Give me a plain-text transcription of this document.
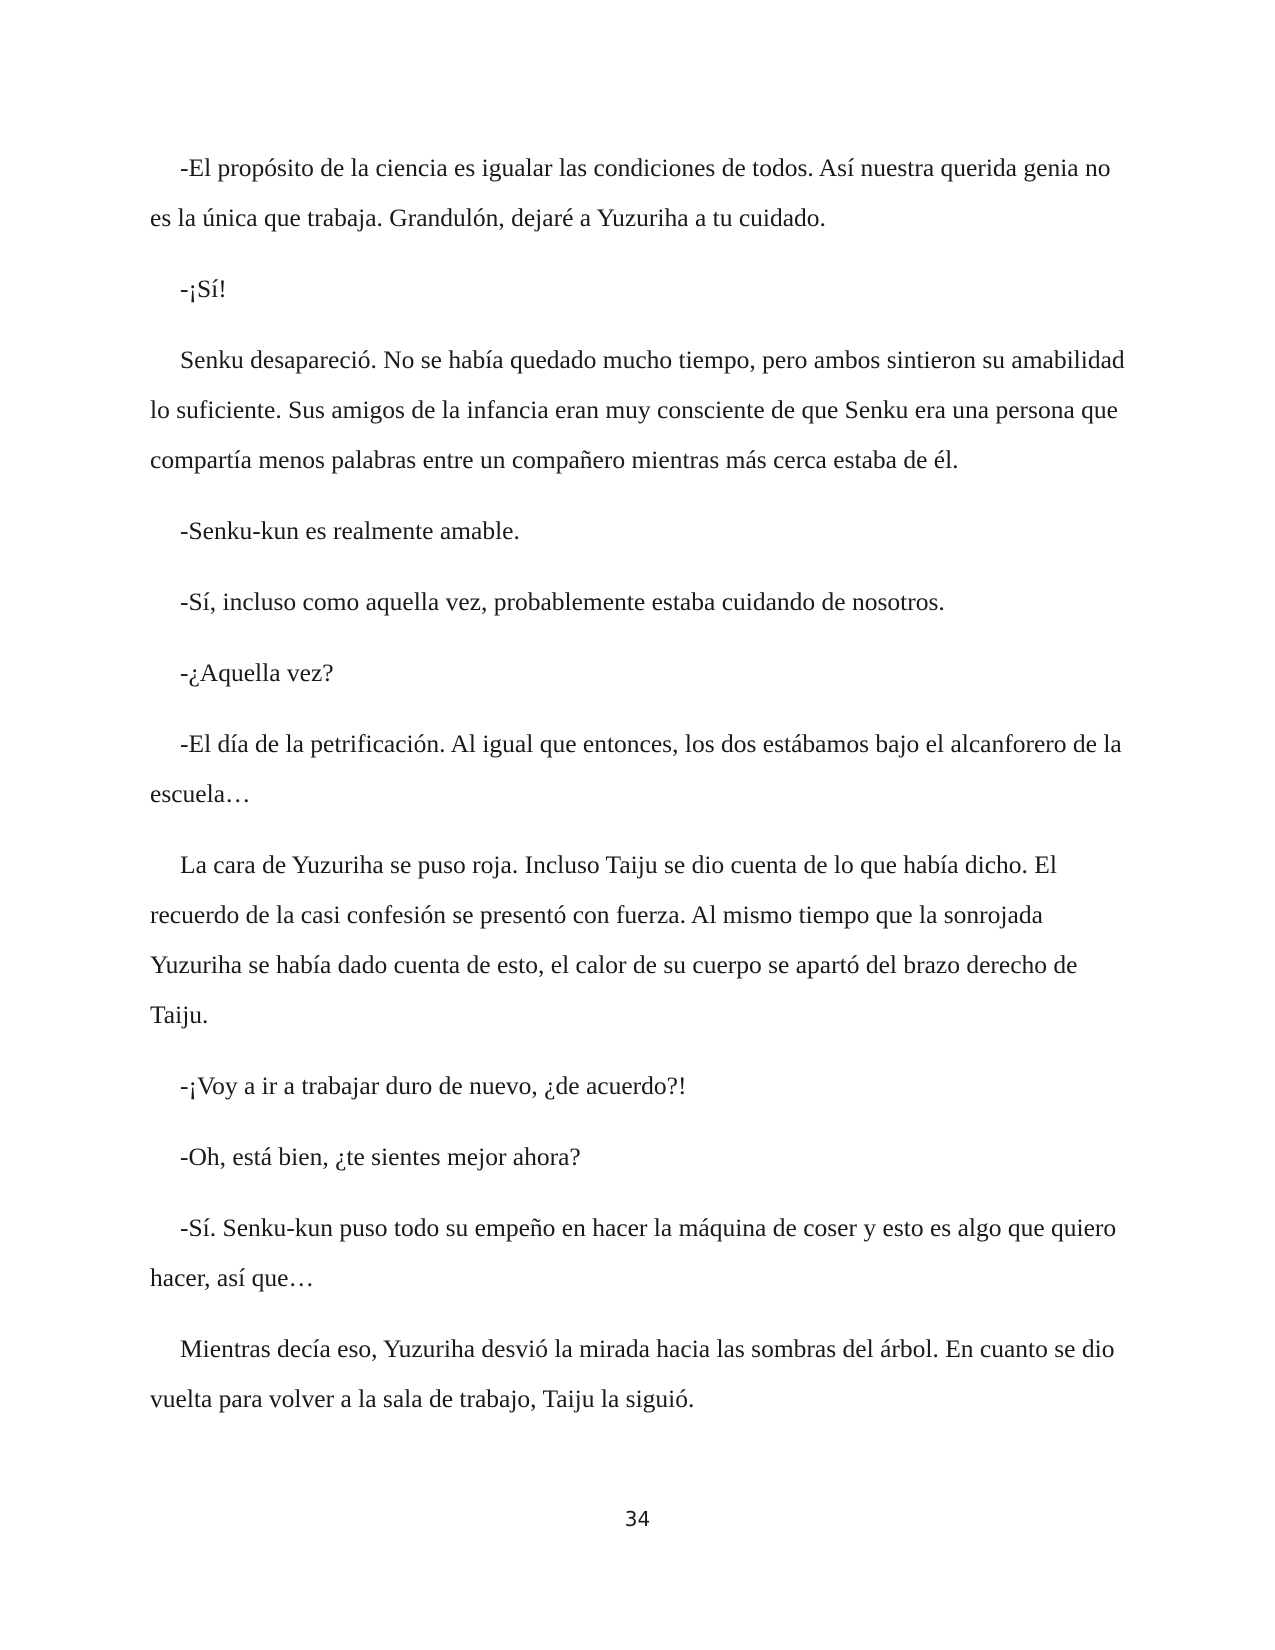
-El propósito de la ciencia es igualar las condiciones de todos. Así nuestra querida genia no es la única que trabaja. Grandulón, dejaré a Yuzuriha a tu cuidado.

-¡Sí!

Senku desapareció. No se había quedado mucho tiempo, pero ambos sintieron su amabilidad lo suficiente. Sus amigos de la infancia eran muy consciente de que Senku era una persona que compartía menos palabras entre un compañero mientras más cerca estaba de él.

-Senku-kun es realmente amable.

-Sí, incluso como aquella vez, probablemente estaba cuidando de nosotros.

-¿Aquella vez?

-El día de la petrificación. Al igual que entonces, los dos estábamos bajo el alcanforero de la escuela…

La cara de Yuzuriha se puso roja. Incluso Taiju se dio cuenta de lo que había dicho. El recuerdo de la casi confesión se presentó con fuerza. Al mismo tiempo que la sonrojada Yuzuriha se había dado cuenta de esto, el calor de su cuerpo se apartó del brazo derecho de Taiju.

-¡Voy a ir a trabajar duro de nuevo, ¿de acuerdo?!

-Oh, está bien, ¿te sientes mejor ahora?

-Sí. Senku-kun puso todo su empeño en hacer la máquina de coser y esto es algo que quiero hacer, así que…

Mientras decía eso, Yuzuriha desvió la mirada hacia las sombras del árbol. En cuanto se dio vuelta para volver a la sala de trabajo, Taiju la siguió.

34
